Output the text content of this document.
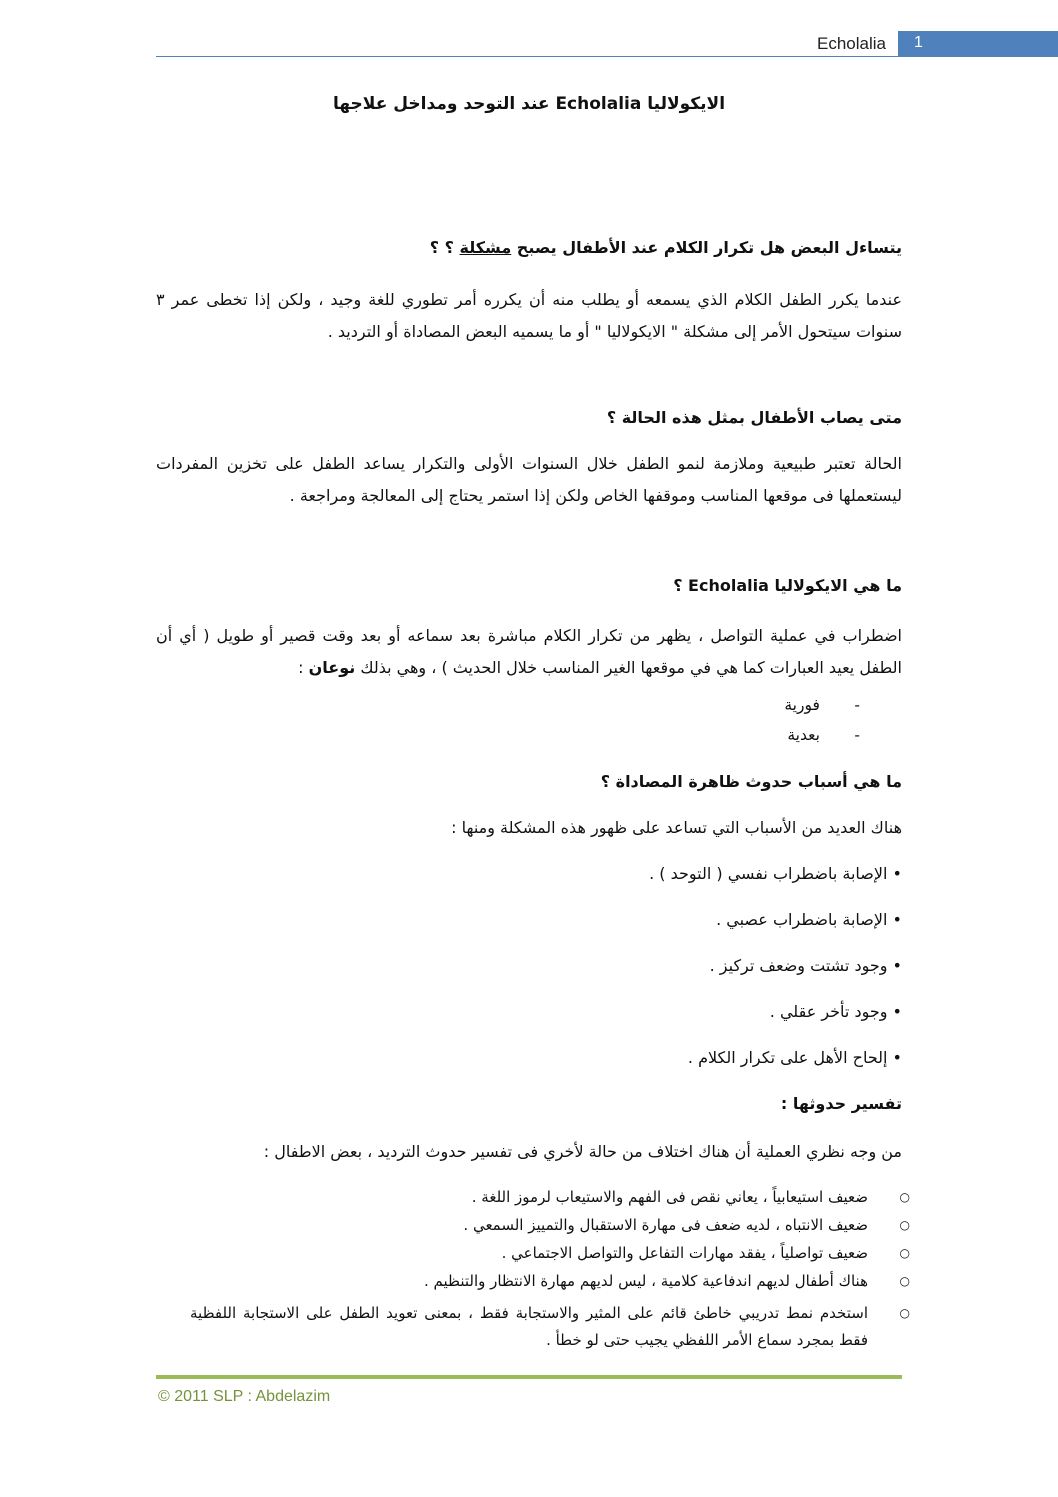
Echolalia	1

الايكولاليا Echolalia عند التوحد ومداخل علاجها

يتساءل البعض هل تكرار الكلام عند الأطفال يصبح مشكلة ؟ ؟

عندما يكرر الطفل الكلام الذي يسمعه أو يطلب منه أن يكرره أمر تطوري للغة وجيد ، ولكن إذا تخطى عمر ٣ سنوات سيتحول الأمر إلى مشكلة " الايكولاليا " أو ما يسميه البعض المصاداة أو الترديد .

متى يصاب الأطفال بمثل هذه الحالة ؟

الحالة تعتبر طبيعية وملازمة لنمو الطفل خلال السنوات الأولى والتكرار يساعد الطفل على تخزين المفردات ليستعملها فى موقعها المناسب وموقفها الخاص ولكن إذا استمر يحتاج إلى المعالجة ومراجعة .

ما هي الايكولاليا Echolalia ؟

اضطراب في عملية التواصل ، يظهر من تكرار الكلام مباشرة بعد سماعه أو بعد وقت قصير أو طويل ( أي أن الطفل يعيد العبارات كما هي في موقعها الغير المناسب خلال الحديث ) ، وهي بذلك نوعان :

-       فورية
-       بعدية

ما هي أسباب حدوث ظاهرة المصاداة ؟

هناك العديد من الأسباب التي تساعد على ظهور هذه المشكلة ومنها :

• الإصابة باضطراب نفسي ( التوحد ) .
• الإصابة باضطراب عصبي .
• وجود تشتت وضعف تركيز .
• وجود تأخر عقلي .
• إلحاح الأهل على تكرار الكلام .

تفسير حدوثها :

من وجه نظري العملية أن هناك اختلاف من حالة لأخري فى تفسير حدوث الترديد ، بعض الاطفال :

○
ضعيف استيعابياً ، يعاني نقص فى الفهم والاستيعاب لرموز اللغة .
○
ضعيف الانتباه ، لديه ضعف فى مهارة الاستقبال والتمييز السمعي .
○
ضعيف تواصلياً ، يفقد مهارات التفاعل والتواصل الاجتماعي .
○
هناك أطفال لديهم اندفاعية كلامية ، ليس لديهم مهارة الانتظار والتنظيم .
○
استخدم نمط تدريبي خاطئ قائم على المثير والاستجابة فقط ، بمعنى تعويد الطفل على الاستجابة اللفظية فقط بمجرد سماع الأمر اللفظي يجيب حتى لو خطأ .
© 2011 SLP : Abdelazim
